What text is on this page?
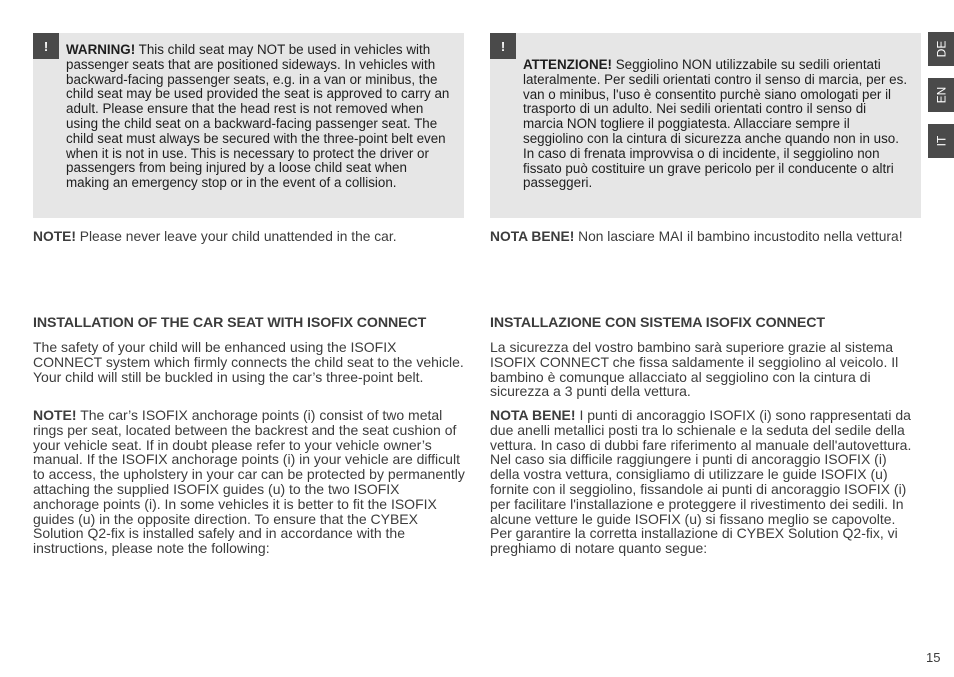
!	WARNING! This child seat may NOT be used in vehicles with passenger seats that are positioned sideways. In vehicles with backward-facing passenger seats, e.g. in a van or minibus, the child seat may be used provided the seat is approved to carry an adult. Please ensure that the head rest is not removed when using the child seat on a backward-facing passenger seat. The child seat must always be secured with the three-point belt even when it is not in use. This is necessary to protect the driver or passengers from being injured by a loose child seat when making an emergency stop or in the event of a collision.

!

ATTENZIONE! Seggiolino NON utilizzabile su sedili orientati lateralmente. Per sedili orientati contro il senso di marcia, per es. van o minibus, l'uso è consentito purchè siano omologati per il trasporto di un adulto. Nei sedili orientati contro il senso di marcia NON togliere il poggiatesta. Allacciare sempre il seggiolino con la cintura di sicurezza anche quando non in uso. In caso di frenata improvvisa o di incidente, il seggiolino non fissato può costituire un grave pericolo per il conducente o altri passeggeri.

NOTE! Please never leave your child unattended in the car.	NOTA BENE! Non lasciare MAI il bambino incustodito nella vettura!

INSTALLATION OF THE CAR SEAT WITH ISOFIX CONNECT	INSTALLAZIONE CON SISTEMA ISOFIX CONNECT

The safety of your child will be enhanced using the ISOFIX CONNECT system which firmly connects the child seat to the vehicle. Your child will still be buckled in using the car’s three-point belt.

NOTE! The car’s ISOFIX anchorage points (i) consist of two metal rings per seat, located between the backrest and the seat cushion of your vehicle seat. If in doubt please refer to your vehicle owner’s manual. If the ISOFIX anchorage points (i) in your vehicle are difficult to access, the upholstery in your car can be protected by permanently attaching the supplied ISOFIX guides (u) to the two ISOFIX anchorage points (i). In some vehicles it is better to fit the ISOFIX guides (u) in the opposite direction. To ensure that the CYBEX Solution Q2-fix is installed safely and in accordance with the instructions, please note the following:

La sicurezza del vostro bambino sarà superiore grazie al sistema ISOFIX CONNECT che fissa saldamente il seggiolino al veicolo. Il bambino è comunque allacciato al seggiolino con la cintura di sicurezza a 3 punti della vettura.

NOTA BENE! I punti di ancoraggio ISOFIX (i) sono rappresentati da due anelli metallici posti tra lo schienale e la seduta del sedile della vettura. In caso di dubbi fare riferimento al manuale dell'autovettura. Nel caso sia difficile raggiungere i punti di ancoraggio ISOFIX (i) della vostra vettura, consigliamo di utilizzare le guide ISOFIX (u) fornite con il seggiolino, fissandole ai punti di ancoraggio ISOFIX (i) per facilitare l'installazione e proteggere il rivestimento dei sedili. In alcune vetture le guide ISOFIX (u) si fissano meglio se capovolte. Per garantire la corretta installazione di CYBEX Solution Q2-fix, vi preghiamo di notare quanto segue:

DE
EN
IT
15
